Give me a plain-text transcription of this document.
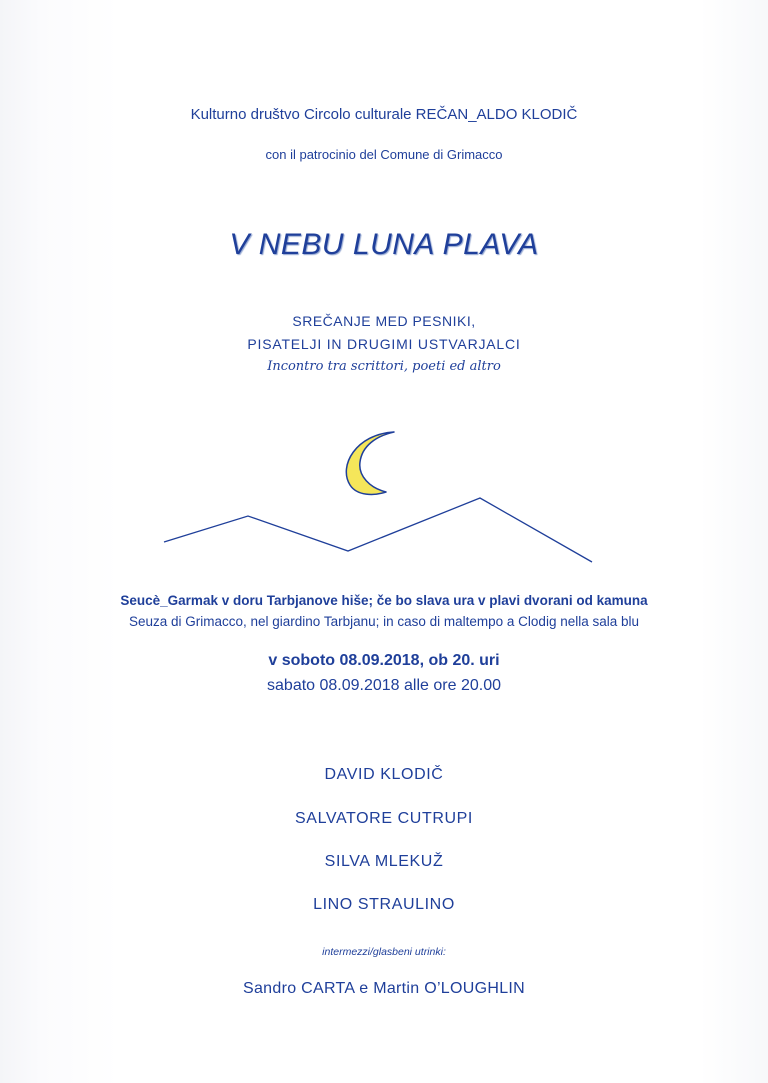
Kulturno društvo Circolo culturale REČAN_ALDO KLODIČ
con il patrocinio del Comune di Grimacco
V NEBU LUNA PLAVA
SREČANJE MED PESNIKI,
PISATELJI IN DRUGIMI USTVARJALCI
Incontro tra scrittori, poeti ed altro
Seucè_Garmak v doru Tarbjanove hiše; če bo slava ura v plavi dvorani od kamuna
Seuza di Grimacco, nel giardino Tarbjanu; in caso di maltempo a Clodig nella sala blu
v soboto 08.09.2018, ob 20. uri
sabato 08.09.2018 alle ore 20.00
DAVID KLODIČ
SALVATORE CUTRUPI
SILVA MLEKUŽ
LINO STRAULINO
intermezzi/glasbeni utrinki:
Sandro CARTA e Martin O’LOUGHLIN
